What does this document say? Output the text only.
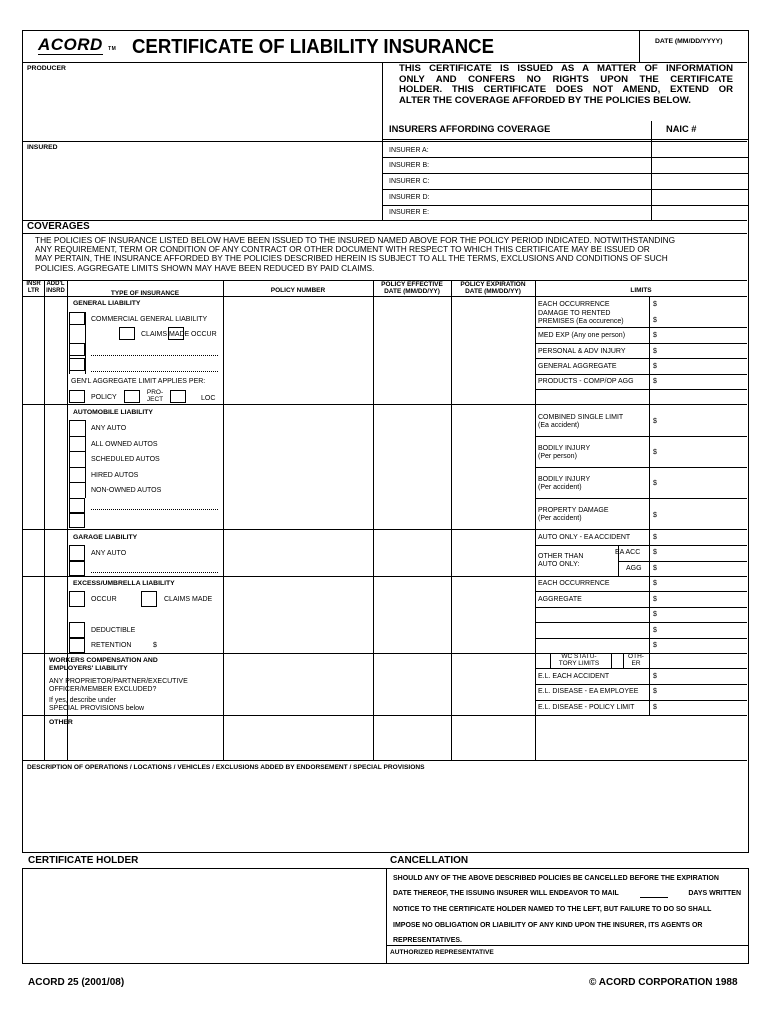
ACORD TM CERTIFICATE OF LIABILITY INSURANCE	DATE (MM/DD/YYYY)
PRODUCER	THIS CERTIFICATE IS ISSUED AS A MATTER OF INFORMATION
ONLY AND CONFERS NO RIGHTS UPON THE CERTIFICATE
HOLDER. THIS CERTIFICATE DOES NOT AMEND, EXTEND OR
ALTER THE COVERAGE AFFORDED BY THE POLICIES BELOW.
INSURERS AFFORDING COVERAGE	NAIC #
INSURED	INSURER A:
INSURER B:
INSURER C:
INSURER D:
INSURER E:
COVERAGES
THE POLICIES OF INSURANCE LISTED BELOW HAVE BEEN ISSUED TO THE INSURED NAMED ABOVE FOR THE POLICY PERIOD INDICATED. NOTWITHSTANDING
ANY REQUIREMENT, TERM OR CONDITION OF ANY CONTRACT OR OTHER DOCUMENT WITH RESPECT TO WHICH THIS CERTIFICATE MAY BE ISSUED OR
MAY PERTAIN, THE INSURANCE AFFORDED BY THE POLICIES DESCRIBED HEREIN IS SUBJECT TO ALL THE TERMS, EXCLUSIONS AND CONDITIONS OF SUCH
POLICIES. AGGREGATE LIMITS SHOWN MAY HAVE BEEN REDUCED BY PAID CLAIMS.
INSR
LTR
ADD'L
INSRD	TYPE OF INSURANCE	POLICY NUMBER
POLICY EFFECTIVE
DATE (MM/DD/YY)
POLICY EXPIRATION
DATE (MM/DD/YY)	LIMITS
GENERAL LIABILITY
COMMERCIAL GENERAL LIABILITY
CLAIMS MADE OCCUR
GEN'L AGGREGATE LIMIT APPLIES PER:
POLICY
PRO-
JECT	LOC
EACH OCCURRENCE	$
DAMAGE TO RENTED
PREMISES (Ea occurence)	$
MED EXP (Any one person)	$
PERSONAL & ADV INJURY	$
GENERAL AGGREGATE	$
PRODUCTS - COMP/OP AGG	$
AUTOMOBILE LIABILITY
ANY AUTO
ALL OWNED AUTOS
SCHEDULED AUTOS
HIRED AUTOS
NON-OWNED AUTOS
COMBINED SINGLE LIMIT
(Ea accident)
$
BODILY INJURY
(Per person)
$
BODILY INJURY
(Per accident)
$
PROPERTY DAMAGE
(Per accident)	$
GARAGE LIABILITY
ANY AUTO
AUTO ONLY - EA ACCIDENT	$
OTHER THAN
AUTO ONLY:
EA ACC $
AGG $
EXCESS/UMBRELLA LIABILITY
OCCUR	CLAIMS MADE
DEDUCTIBLE
RETENTION	$
EACH OCCURRENCE	$
AGGREGATE	$
$
$
$
WORKERS COMPENSATION AND
EMPLOYERS' LIABILITY
ANY PROPRIETOR/PARTNER/EXECUTIVE
OFFICER/MEMBER EXCLUDED?
If yes, describe under
SPECIAL PROVISIONS below
WC STATU-
TORY LIMITS
OTH-
ER
E.L. EACH ACCIDENT	$
E.L. DISEASE - EA EMPLOYEE $
E.L. DISEASE - POLICY LIMIT	$
OTHER
DESCRIPTION OF OPERATIONS / LOCATIONS / VEHICLES / EXCLUSIONS ADDED BY ENDORSEMENT / SPECIAL PROVISIONS
CERTIFICATE HOLDER	CANCELLATION
SHOULD ANY OF THE ABOVE DESCRIBED POLICIES BE CANCELLED BEFORE THE EXPIRATION
DATE THEREOF, THE ISSUING INSURER WILL ENDEAVOR TO MAIL	DAYS WRITTEN
NOTICE TO THE CERTIFICATE HOLDER NAMED TO THE LEFT, BUT FAILURE TO DO SO SHALL
IMPOSE NO OBLIGATION OR LIABILITY OF ANY KIND UPON THE INSURER, ITS AGENTS OR
REPRESENTATIVES.
AUTHORIZED REPRESENTATIVE
ACORD 25 (2001/08)	© ACORD CORPORATION 1988
